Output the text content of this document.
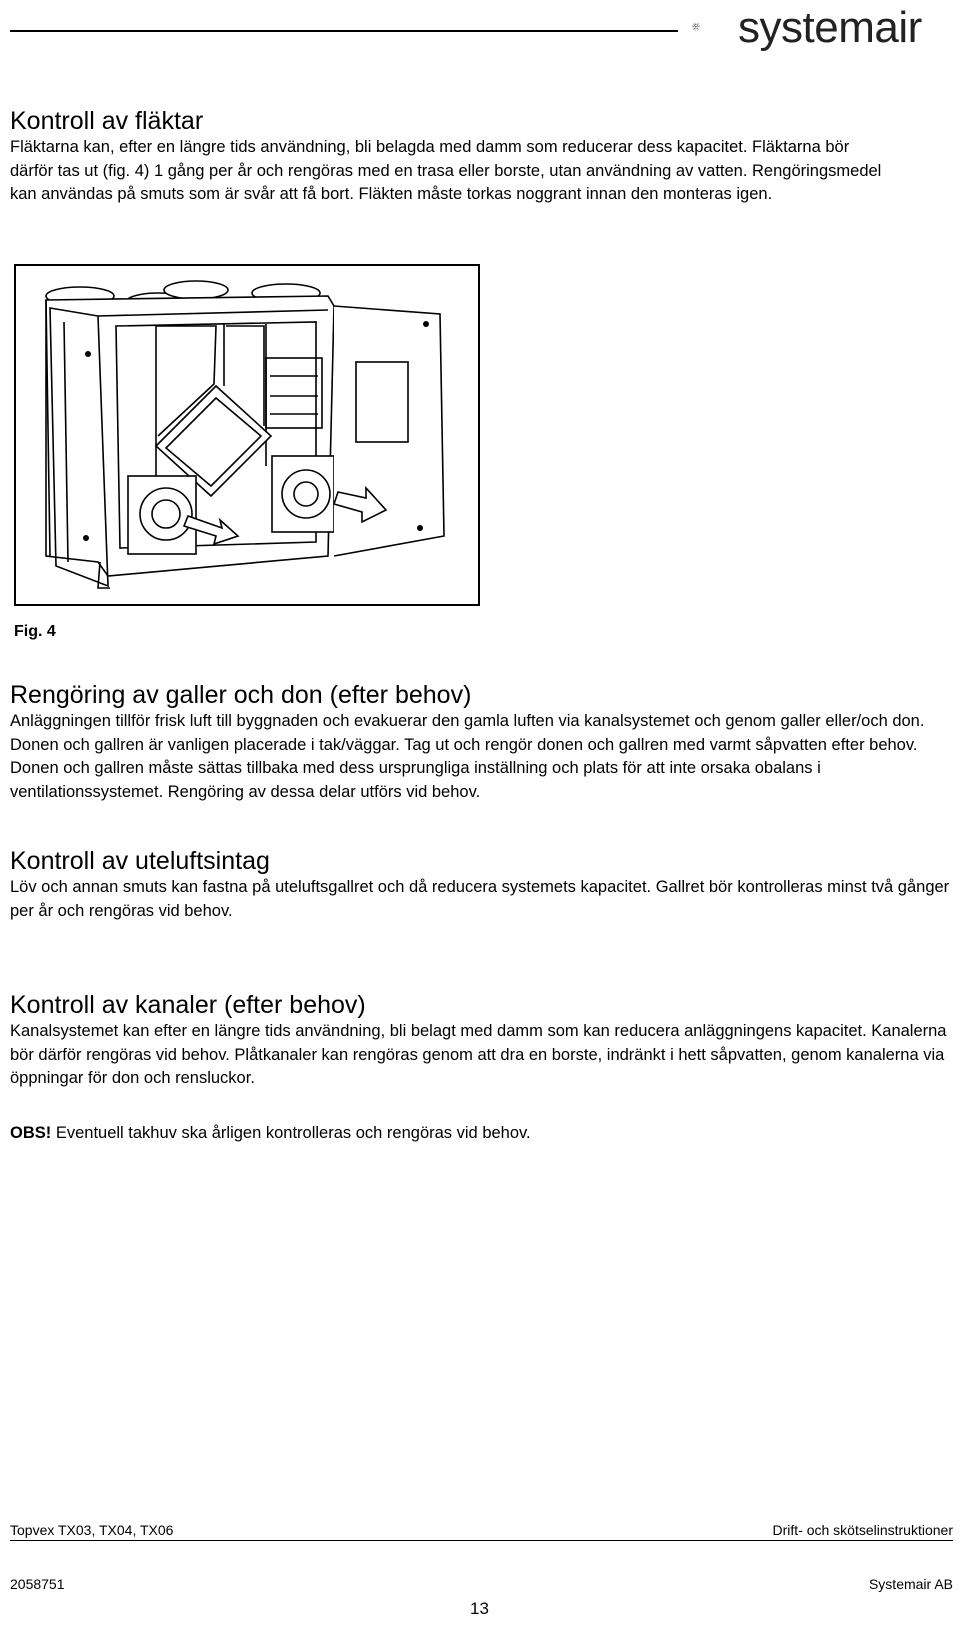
systemair
Kontroll av fläktar
Fläktarna kan, efter en längre tids användning, bli belagda med damm som reducerar dess kapacitet. Fläktarna bör därför tas ut (fig. 4) 1 gång per år och rengöras med en trasa eller borste, utan användning av vatten. Rengöringsmedel kan användas på smuts som är svår att få bort. Fläkten måste torkas noggrant innan den monteras igen.
Fig. 4
Rengöring av galler och don (efter behov)
Anläggningen tillför frisk luft till byggnaden och evakuerar den gamla luften via kanalsystemet och genom galler eller/och don. Donen och gallren är vanligen placerade i tak/väggar. Tag ut och rengör donen och gallren med varmt såpvatten efter behov. Donen och gallren måste sättas tillbaka med dess ursprungliga inställning och plats för att inte orsaka obalans i ventilationssystemet. Rengöring av dessa delar utförs vid behov.
Kontroll av uteluftsintag
Löv och annan smuts kan fastna på uteluftsgallret och då reducera systemets kapacitet. Gallret bör kontrolleras minst två gånger per år och rengöras vid behov.
Kontroll av kanaler (efter behov)
Kanalsystemet kan efter en längre tids användning, bli belagt med damm som kan reducera anläggningens kapacitet. Kanalerna bör därför rengöras vid behov. Plåtkanaler kan rengöras genom att dra en borste, indränkt i hett såpvatten, genom kanalerna via öppningar för don och rensluckor.
OBS! Eventuell takhuv ska årligen kontrolleras och rengöras vid behov.
Topvex TX03, TX04, TX06	Drift- och skötselinstruktioner
2058751	Systemair AB
13
